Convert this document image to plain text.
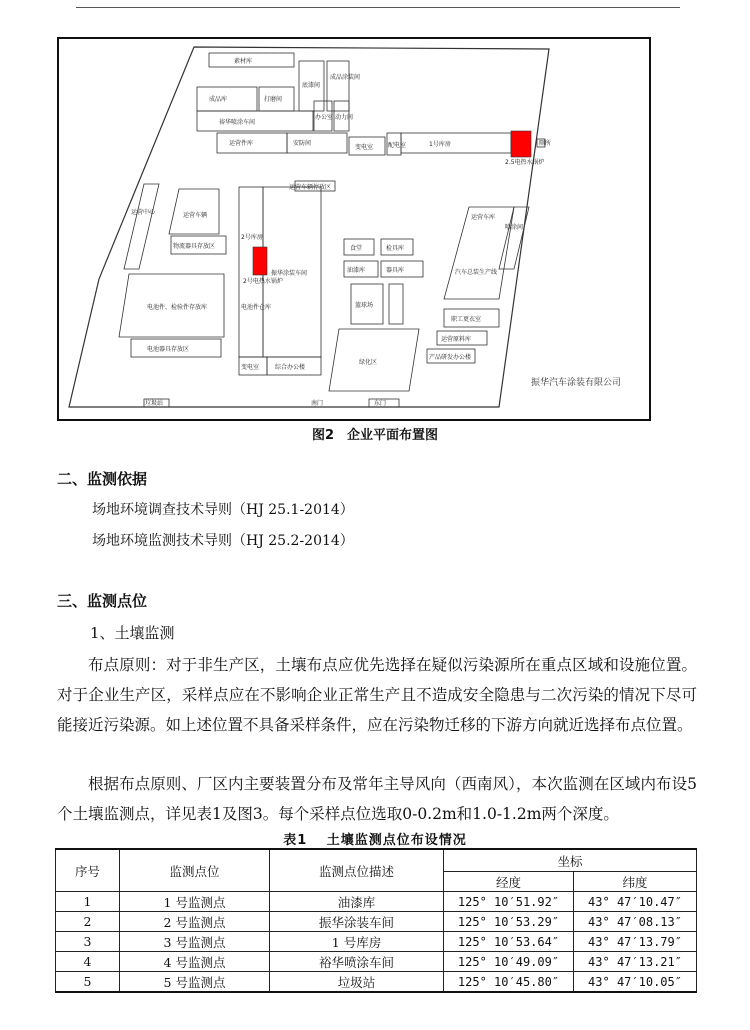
素材库
成品库	打磨间
底漆间
成品涂装间
裕华喷涂车间
办公室 动力间
运营件库	安防间
变电室 配电室	1号库房
2.5电热水锅炉
厕所
运营中心	运营车辆
运营车辆停放区
物流器具存放区
电池件、检验件存放库
电池器具存放区
2号库房
2号电热水锅炉
电池件仓库
振华涂装车间
食堂	检具库
油漆库	器具库
篮球场
绿化区
变电室	综合办公楼
运营车库
汽车总装生产线
喷涂间
职工更衣室
运营原料库
产品研发办公楼
垃圾站	南门	东门
振华汽车涂装有限公司
图2　企业平面布置图
二、监测依据
场地环境调查技术导则（HJ 25.1-2014）
场地环境监测技术导则（HJ 25.2-2014）
三、监测点位
1、土壤监测

布点原则：对于非生产区，土壤布点应优先选择在疑似污染源所在重点区域和设施位置。对于企业生产区，采样点应在不影响企业正常生产且不造成安全隐患与二次污染的情况下尽可能接近污染源。如上述位置不具备采样条件，应在污染物迁移的下游方向就近选择布点位置。

根据布点原则、厂区内主要装置分布及常年主导风向（西南风），本次监测在区域内布设5个土壤监测点，详见表1及图3。每个采样点位选取0-0.2m和1.0-1.2m两个深度。

表1　 土壤监测点位布设情况
序号	监测点位	监测点位描述	坐标	
			经度	纬度
1	1 号监测点	油漆库	125° 10′51.92″	43° 47′10.47″
2	2 号监测点	振华涂装车间	125° 10′53.29″	43° 47′08.13″
3	3 号监测点	1 号库房	125° 10′53.64″	43° 47′13.79″
4	4 号监测点	裕华喷涂车间	125° 10′49.09″	43° 47′13.21″
5	5 号监测点	垃圾站	125° 10′45.80″	43° 47′10.05″
